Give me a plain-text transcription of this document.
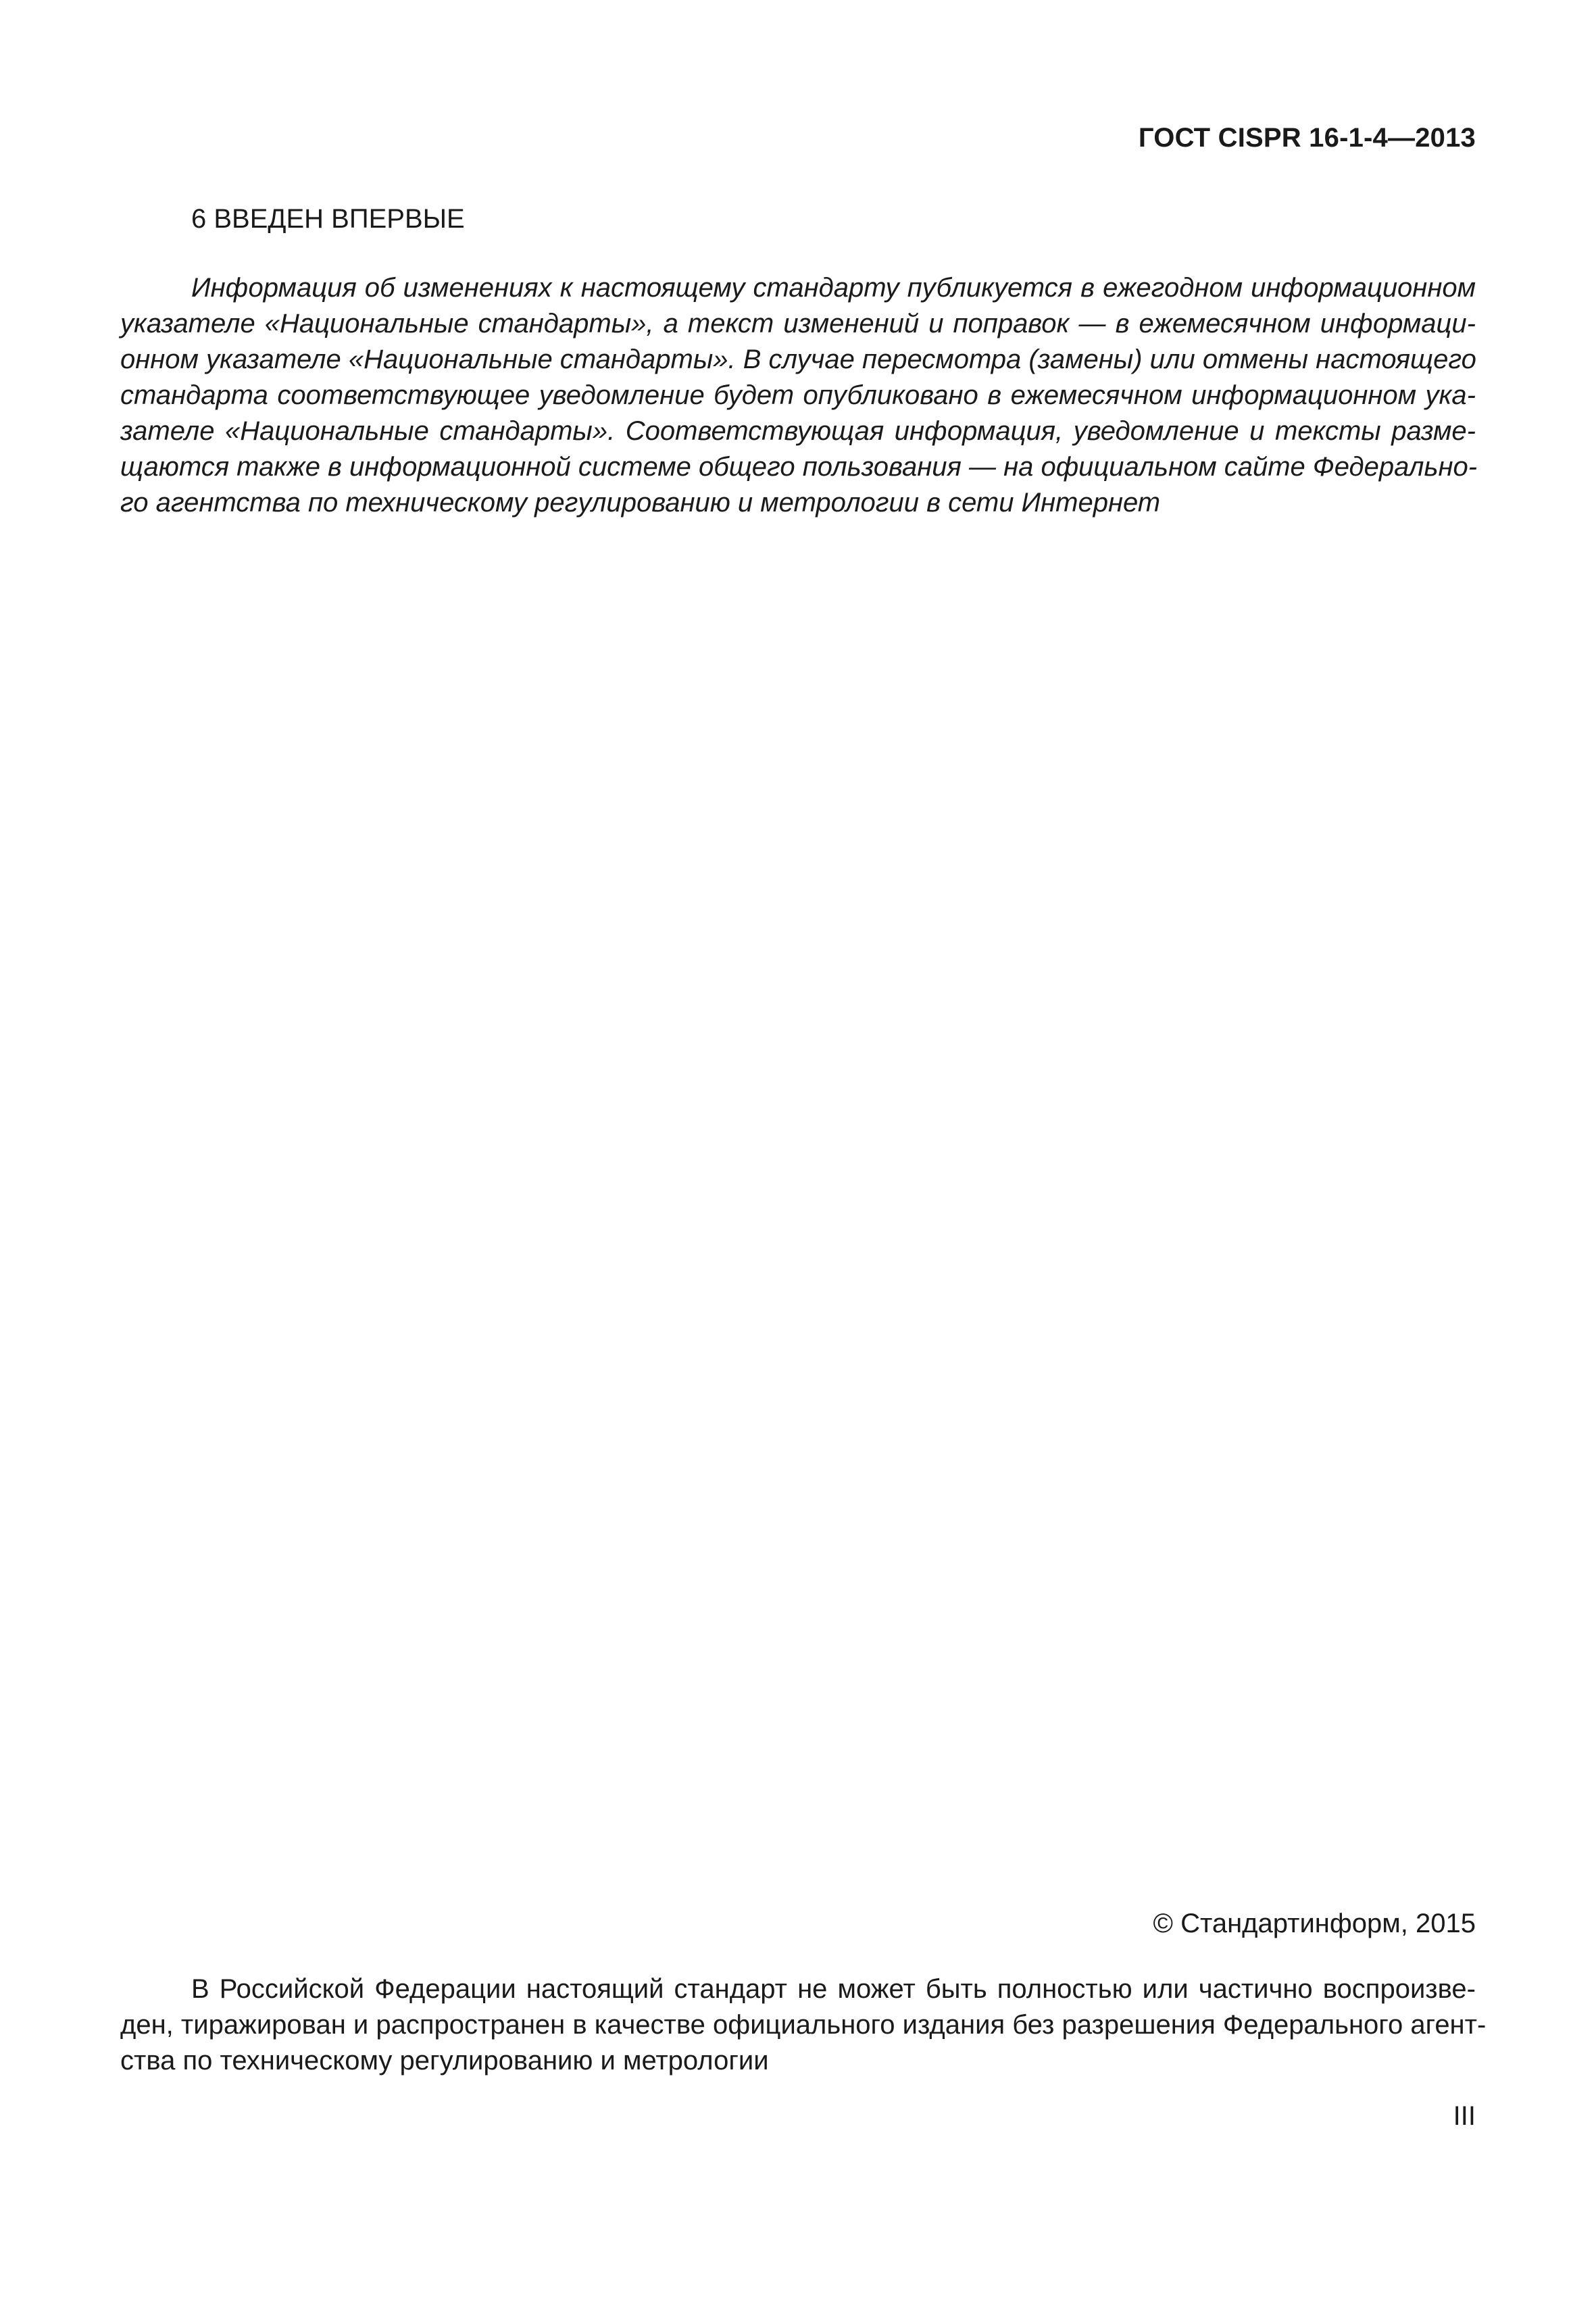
ГОСТ CISPR 16-1-4—2013
6 ВВЕДЕН ВПЕРВЫЕ
Информация об изменениях к настоящему стандарту публикуется в ежегодном информационном
указателе «Национальные стандарты», а текст изменений и поправок — в ежемесячном информаци-
онном указателе «Национальные стандарты». В случае пересмотра (замены) или отмены настоящего
стандарта соответствующее уведомление будет опубликовано в ежемесячном информационном ука-
зателе «Национальные стандарты». Соответствующая информация, уведомление и тексты разме-
щаются также в информационной системе общего пользования — на официальном сайте Федерально-
го агентства по техническому регулированию и метрологии в сети Интернет
© Стандартинформ, 2015
В Российской Федерации настоящий стандарт не может быть полностью или частично воспроизве-
ден, тиражирован и распространен в качестве официального издания без разрешения Федерального агент-
ства по техническому регулированию и метрологии
III
